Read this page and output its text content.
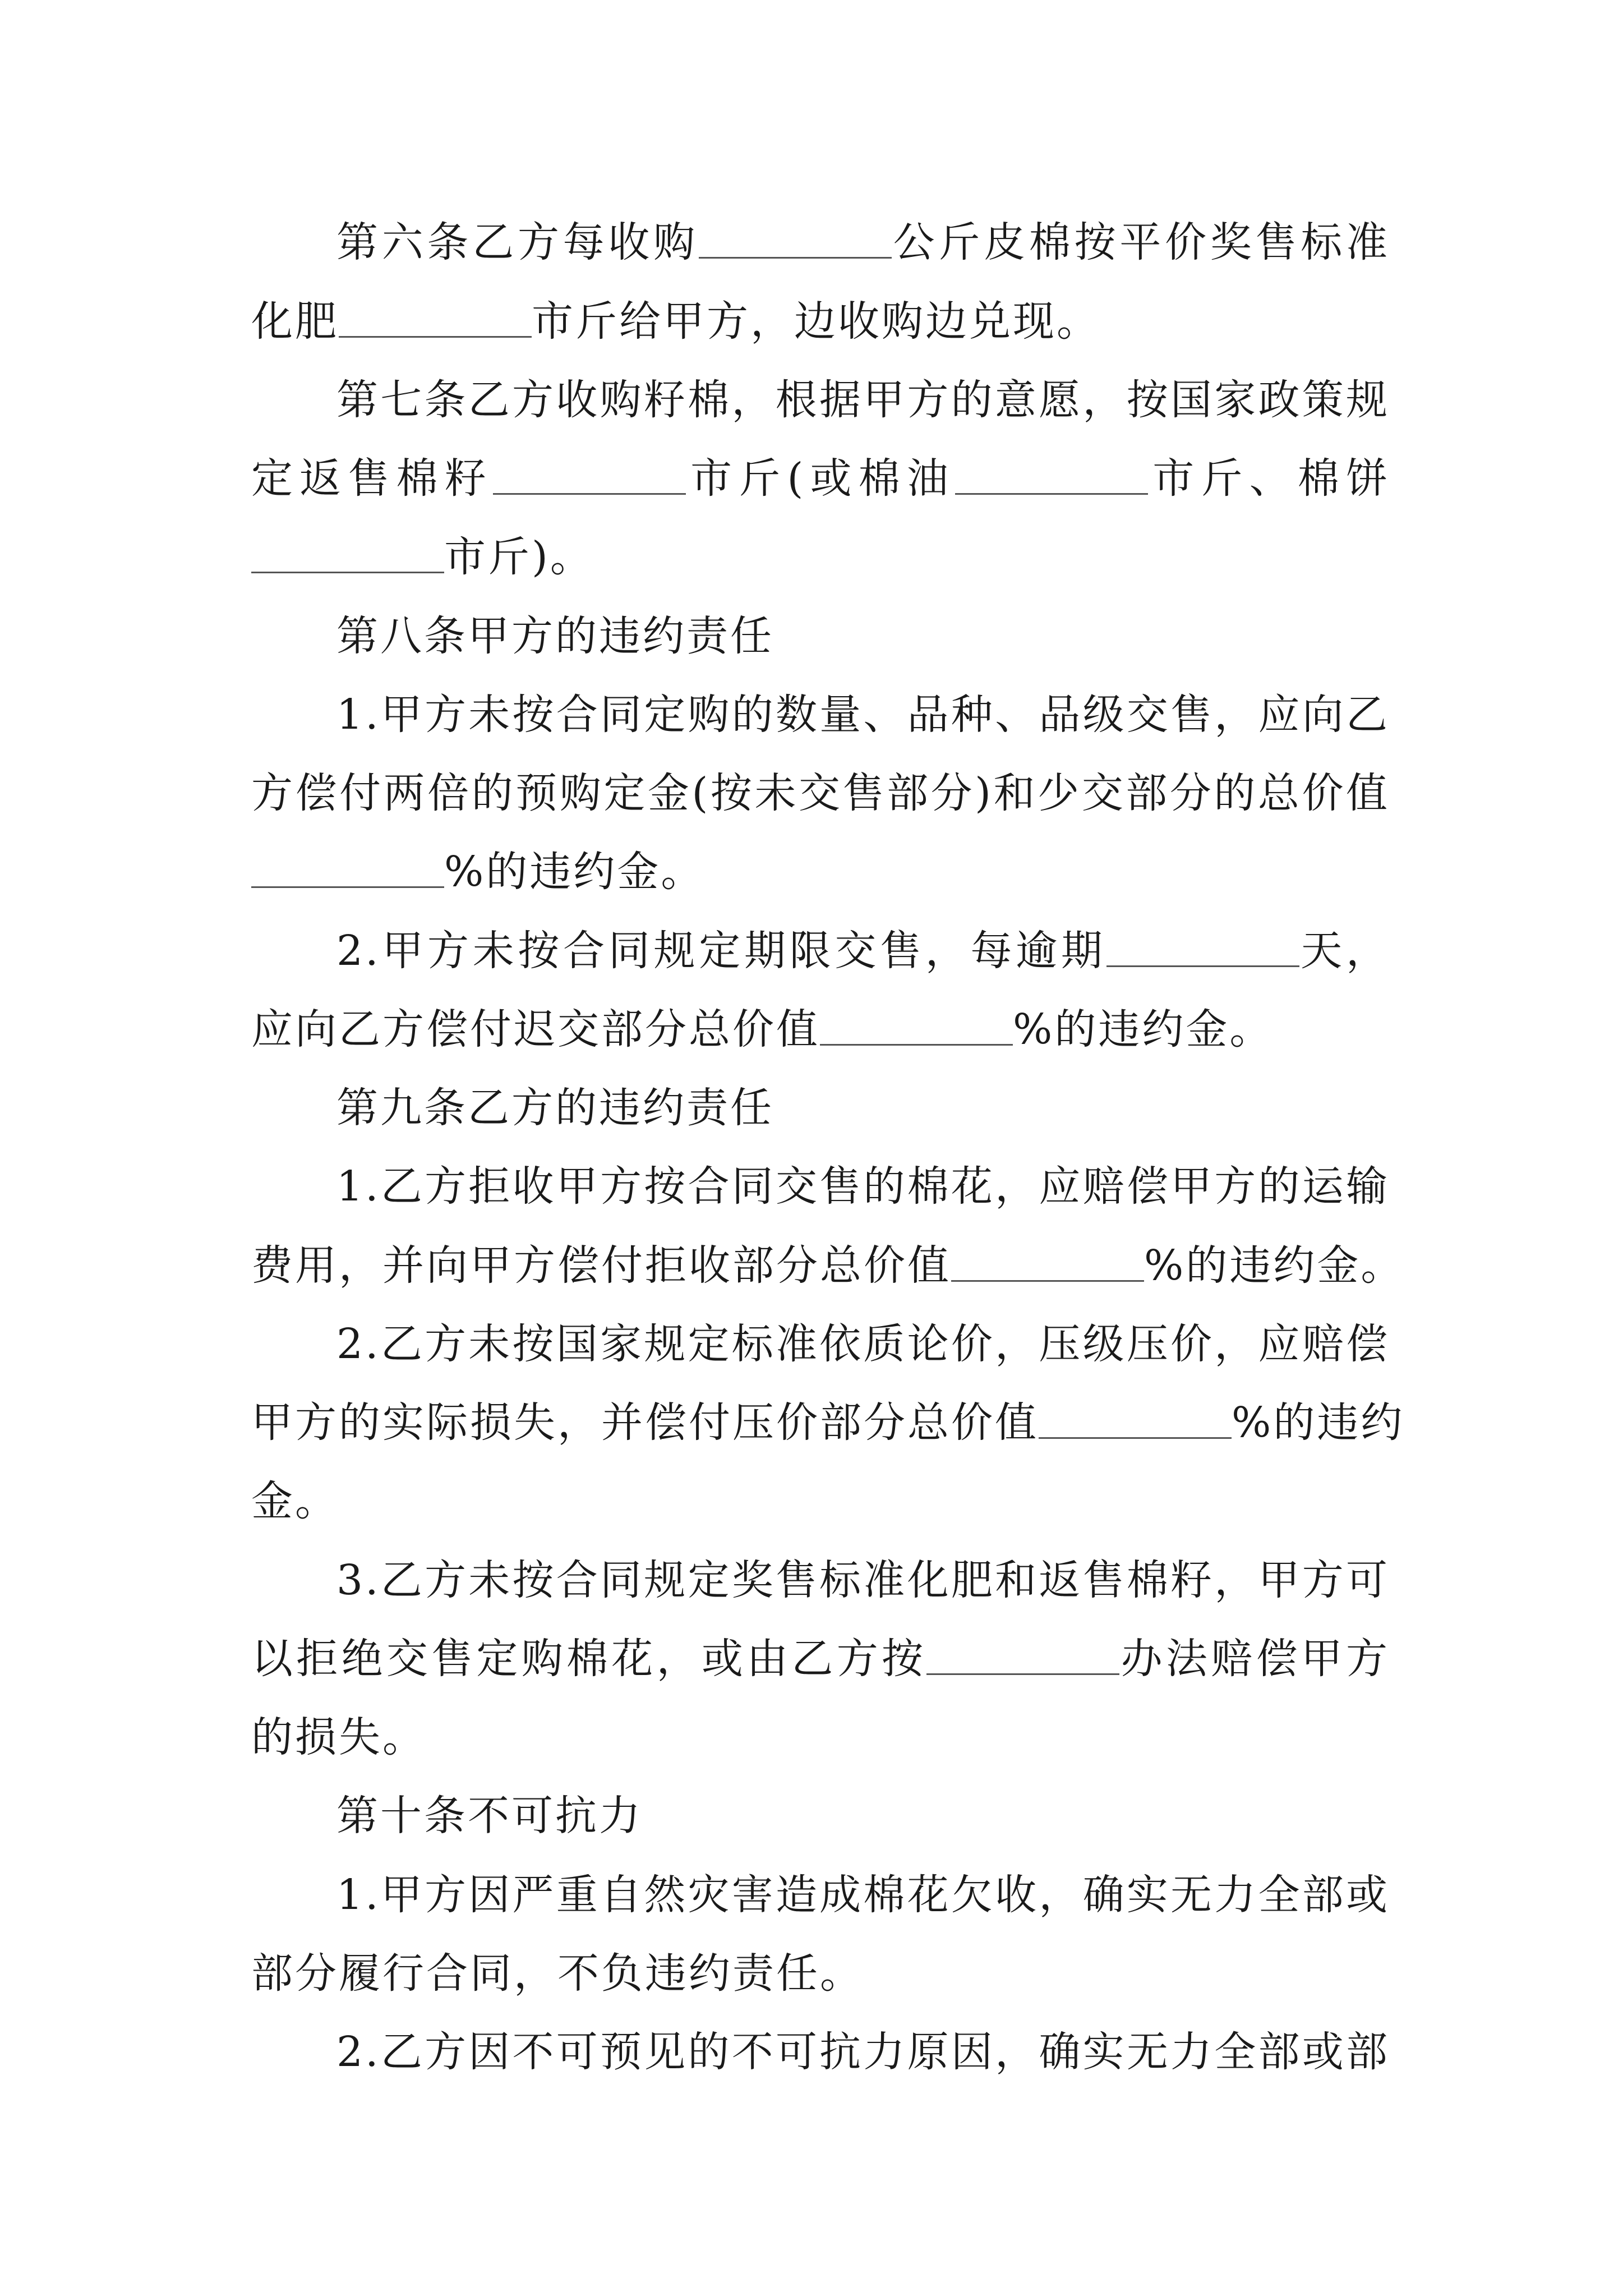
第六条乙方每收购	公斤皮棉按平价奖售标准
化肥	市斤给甲方，边收购边兑现。
第七条乙方收购籽棉，根据甲方的意愿，按国家政策规
定返售棉籽	市斤(或棉油	市斤、棉饼
市斤)。
第八条甲方的违约责任
1.甲方未按合同定购的数量、品种、品级交售，应向乙
方偿付两倍的预购定金(按未交售部分)和少交部分的总价值
%的违约金。
2.甲方未按合同规定期限交售，每逾期	天，
应向乙方偿付迟交部分总价值	%的违约金。
第九条乙方的违约责任
1.乙方拒收甲方按合同交售的棉花，应赔偿甲方的运输
费用，并向甲方偿付拒收部分总价值	%的违约金。
2.乙方未按国家规定标准依质论价，压级压价，应赔偿
甲方的实际损失，并偿付压价部分总价值	%的违约
金。
3.乙方未按合同规定奖售标准化肥和返售棉籽，甲方可
以拒绝交售定购棉花，或由乙方按	办法赔偿甲方
的损失。
第十条不可抗力
1.甲方因严重自然灾害造成棉花欠收，确实无力全部或
部分履行合同，不负违约责任。
2.乙方因不可预见的不可抗力原因，确实无力全部或部
